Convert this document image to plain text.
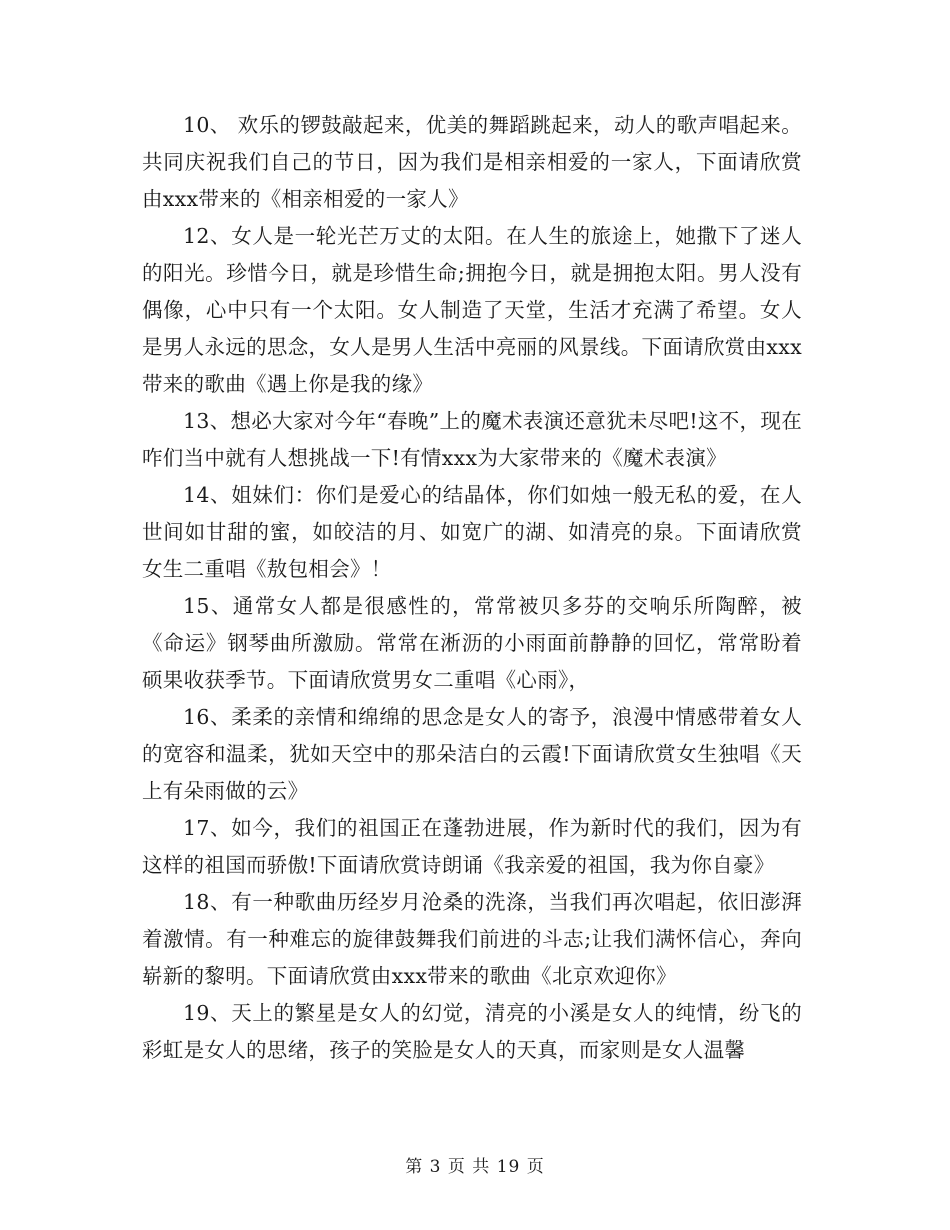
10、 欢乐的锣鼓敲起来，优美的舞蹈跳起来，动人的歌声唱起来。共同庆祝我们自己的节日，因为我们是相亲相爱的一家人，下面请欣赏由xxx带来的《相亲相爱的一家人》

12、女人是一轮光芒万丈的太阳。在人生的旅途上，她撒下了迷人的阳光。珍惜今日，就是珍惜生命;拥抱今日，就是拥抱太阳。男人没有偶像，心中只有一个太阳。女人制造了天堂，生活才充满了希望。女人是男人永远的思念，女人是男人生活中亮丽的风景线。下面请欣赏由xxx带来的歌曲《遇上你是我的缘》

13、想必大家对今年“春晚”上的魔术表演还意犹未尽吧!这不，现在咋们当中就有人想挑战一下!有情xxx为大家带来的《魔术表演》

14、姐妹们：你们是爱心的结晶体，你们如烛一般无私的爱，在人世间如甘甜的蜜，如皎洁的月、如宽广的湖、如清亮的泉。下面请欣赏女生二重唱《敖包相会》！

15、通常女人都是很感性的，常常被贝多芬的交响乐所陶醉，被《命运》钢琴曲所激励。常常在淅沥的小雨面前静静的回忆，常常盼着硕果收获季节。下面请欣赏男女二重唱《心雨》，

16、柔柔的亲情和绵绵的思念是女人的寄予，浪漫中情感带着女人的宽容和温柔，犹如天空中的那朵洁白的云霞!下面请欣赏女生独唱《天上有朵雨做的云》

17、如今，我们的祖国正在蓬勃进展，作为新时代的我们，因为有这样的祖国而骄傲!下面请欣赏诗朗诵《我亲爱的祖国，我为你自豪》

18、有一种歌曲历经岁月沧桑的洗涤，当我们再次唱起，依旧澎湃着激情。有一种难忘的旋律鼓舞我们前进的斗志;让我们满怀信心，奔向崭新的黎明。下面请欣赏由xxx带来的歌曲《北京欢迎你》

19、天上的繁星是女人的幻觉，清亮的小溪是女人的纯情，纷飞的彩虹是女人的思绪，孩子的笑脸是女人的天真，而家则是女人温馨

第 3 页 共 19 页
